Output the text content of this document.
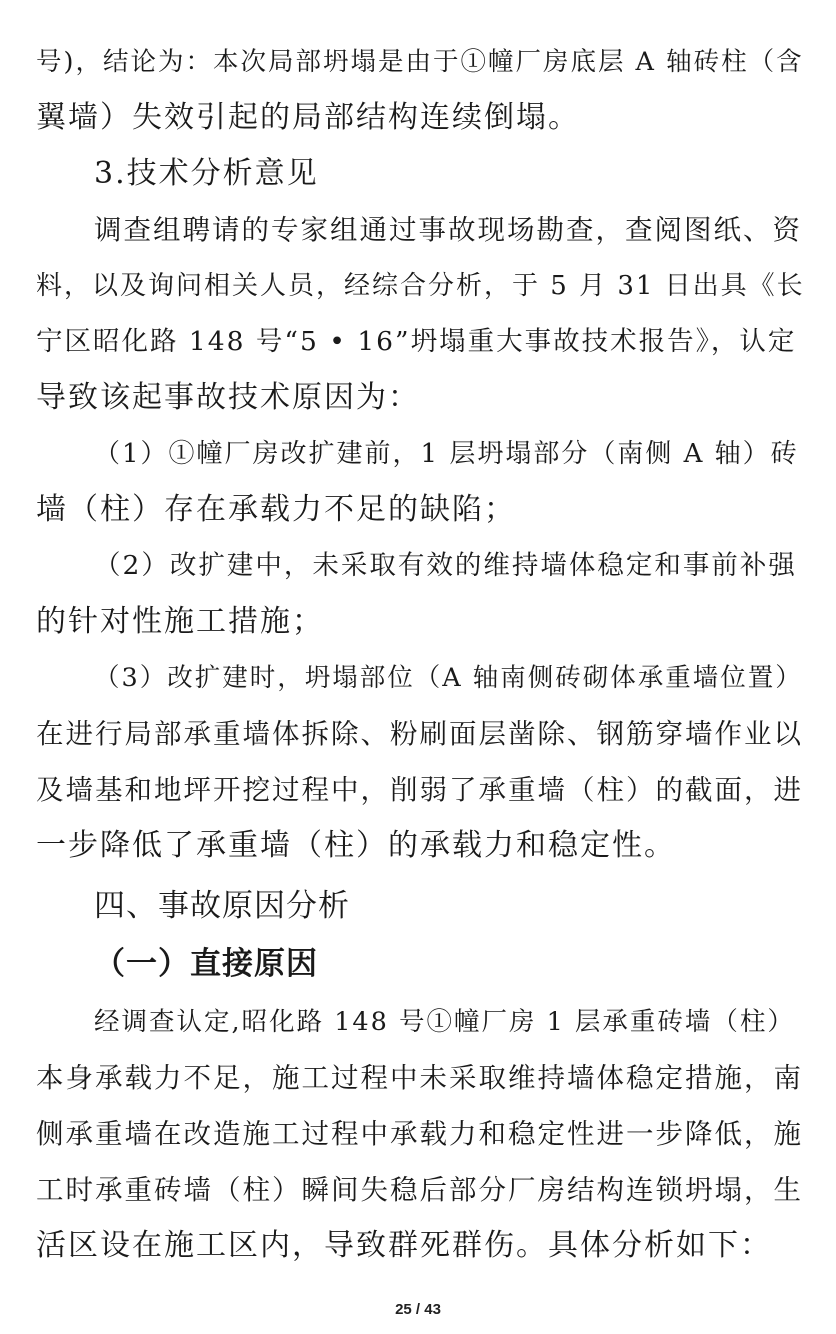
号)，结论为：本次局部坍塌是由于①幢厂房底层 A 轴砖柱（含
翼墙）失效引起的局部结构连续倒塌。
3.技术分析意见
调查组聘请的专家组通过事故现场勘查，查阅图纸、资
料，以及询问相关人员，经综合分析，于 5 月 31 日出具《长
宁区昭化路 148 号“5 • 16”坍塌重大事故技术报告》，认定
导致该起事故技术原因为：
（1）①幢厂房改扩建前，1 层坍塌部分（南侧 A 轴）砖
墙（柱）存在承载力不足的缺陷；
（2）改扩建中，未采取有效的维持墙体稳定和事前补强
的针对性施工措施；
（3）改扩建时，坍塌部位（A 轴南侧砖砌体承重墙位置）
在进行局部承重墙体拆除、粉刷面层凿除、钢筋穿墙作业以
及墙基和地坪开挖过程中，削弱了承重墙（柱）的截面，进
一步降低了承重墙（柱）的承载力和稳定性。
四、事故原因分析
（一）直接原因
经调查认定,昭化路 148 号①幢厂房 1 层承重砖墙（柱）
本身承载力不足，施工过程中未采取维持墙体稳定措施，南
侧承重墙在改造施工过程中承载力和稳定性进一步降低，施
工时承重砖墙（柱）瞬间失稳后部分厂房结构连锁坍塌，生
活区设在施工区内，导致群死群伤。具体分析如下：
25 / 43
